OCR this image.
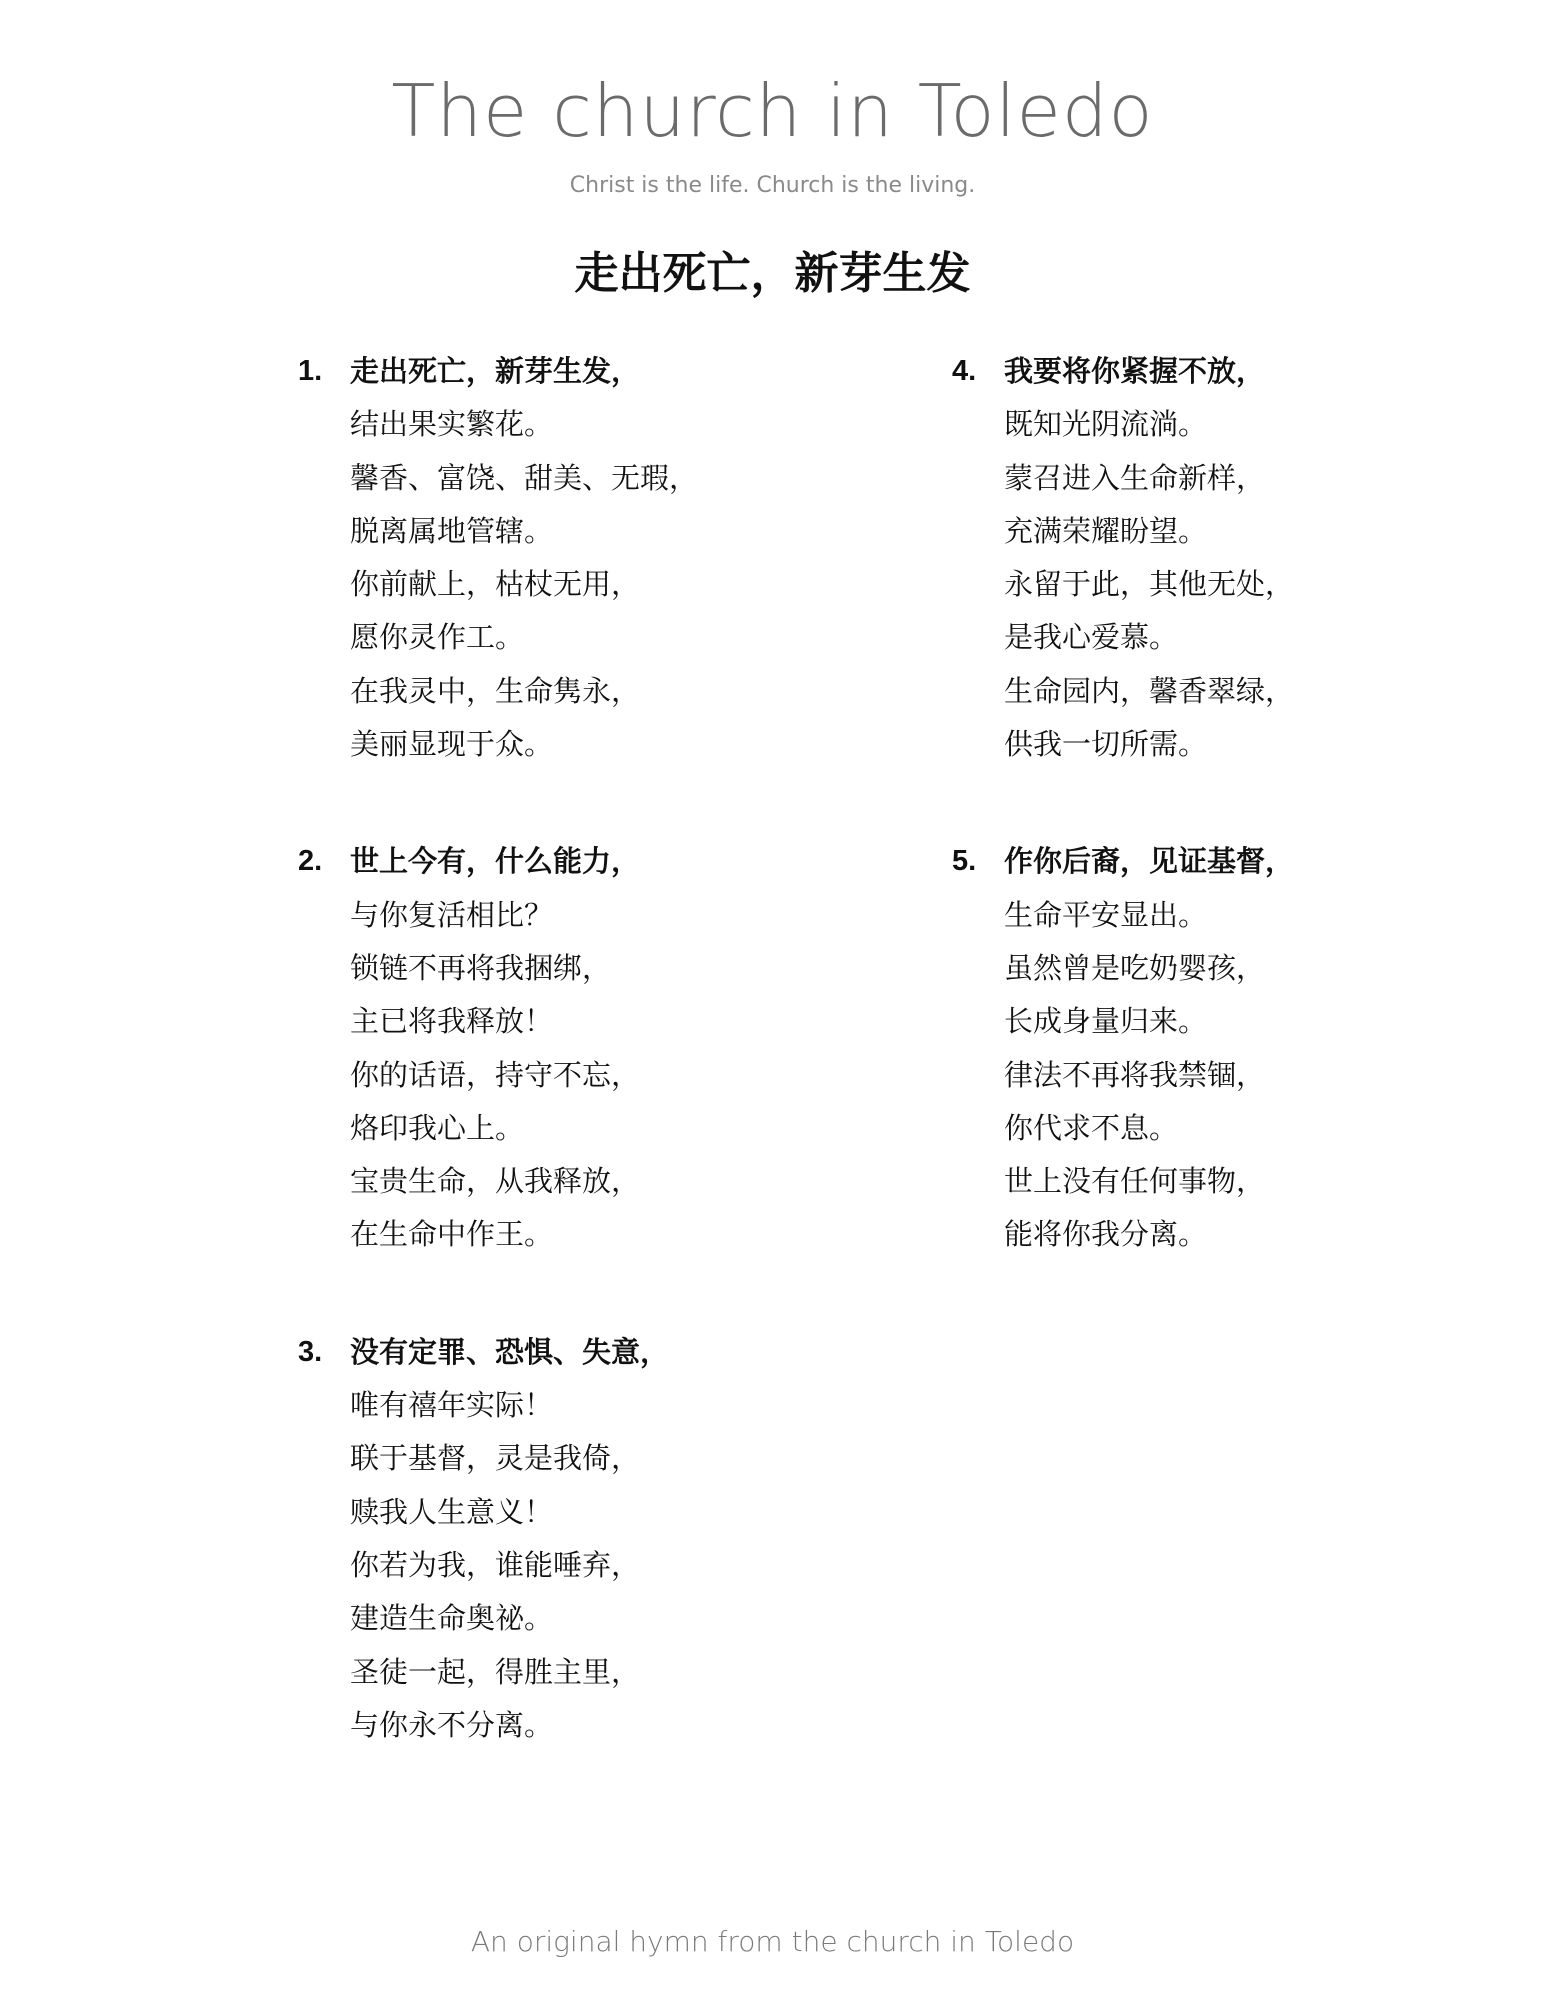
The church in Toledo
Christ is the life. Church is the living.
走出死亡，新芽生发
1. 走出死亡，新芽生发，
结出果实繁花。
馨香、富饶、甜美、无瑕，
脱离属地管辖。
你前献上，枯杖无用，
愿你灵作工。
在我灵中，生命隽永，
美丽显现于众。
2. 世上今有，什么能力，
与你复活相比？
锁链不再将我捆绑，
主已将我释放！
你的话语，持守不忘，
烙印我心上。
宝贵生命，从我释放，
在生命中作王。
3. 没有定罪、恐惧、失意，
唯有禧年实际！
联于基督，灵是我倚，
赎我人生意义！
你若为我，谁能唾弃，
建造生命奥祕。
圣徒一起，得胜主里，
与你永不分离。
4. 我要将你紧握不放，
既知光阴流淌。
蒙召进入生命新样，
充满荣耀盼望。
永留于此，其他无处，
是我心爱慕。
生命园内，馨香翠绿，
供我一切所需。
5. 作你后裔，见证基督，
生命平安显出。
虽然曾是吃奶婴孩，
长成身量归来。
律法不再将我禁锢，
你代求不息。
世上没有任何事物，
能将你我分离。
An original hymn from the church in Toledo
